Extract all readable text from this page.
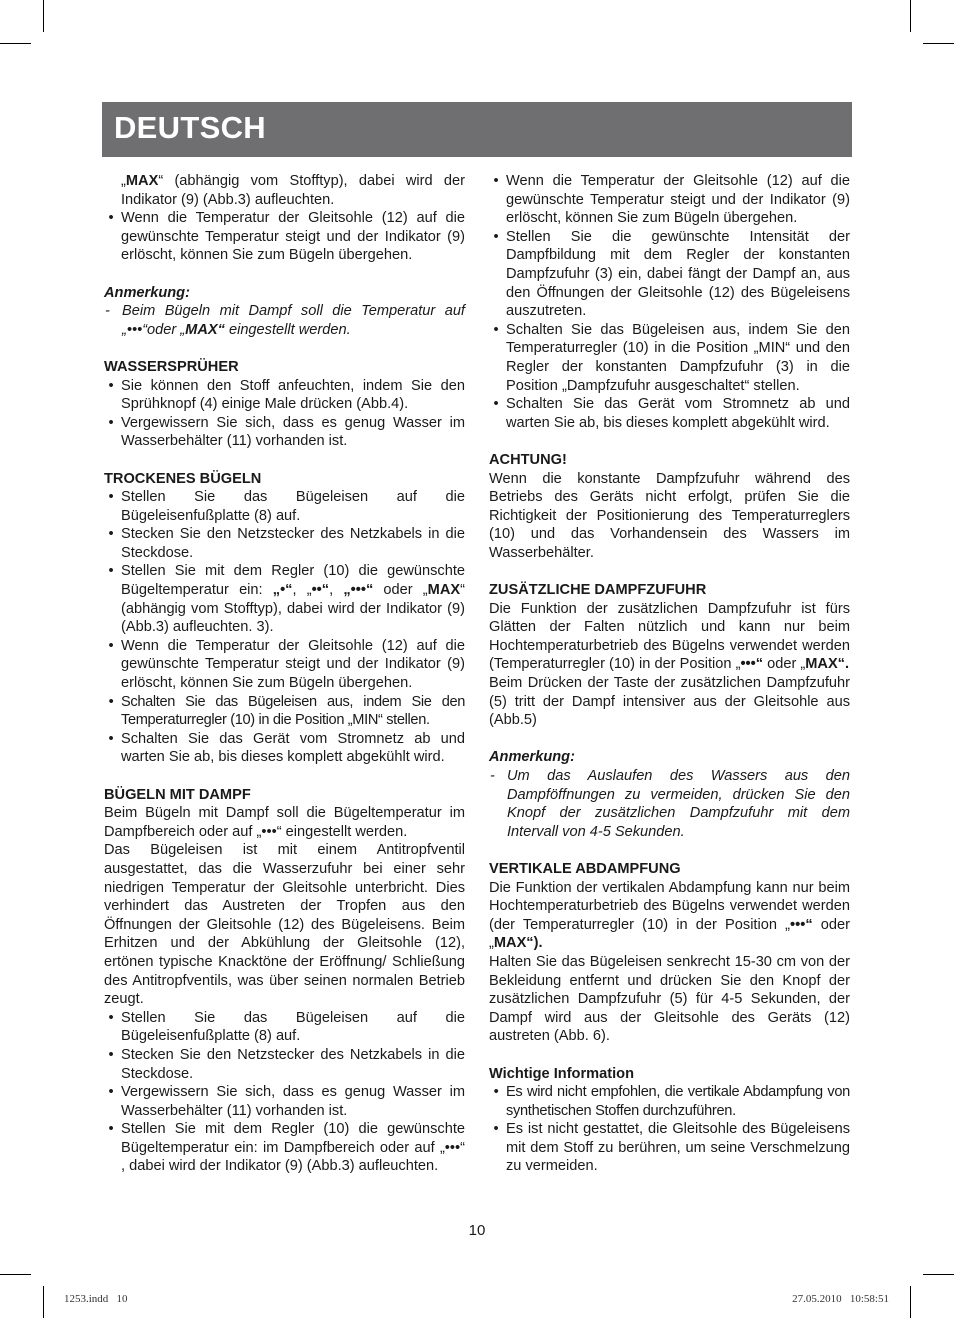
DEUTSCH

„MAX“ (abhängig vom Stofftyp), dabei wird der Indikator (9) (Abb.3) aufleuchten.

• Wenn die Temperatur der Gleitsohle (12) auf die gewünschte Temperatur steigt und der Indikator (9) erlöscht, können Sie zum Bügeln übergehen.

Anmerkung:

- Beim Bügeln mit Dampf soll die Temperatur auf „•••“oder „MAX“ eingestellt werden.

WASSERSPRÜHER

• Sie können den Stoff anfeuchten, indem Sie den Sprühknopf (4) einige Male drücken (Abb.4).

• Vergewissern Sie sich, dass es genug Wasser im Wasserbehälter (11) vorhanden ist.

TROCKENES BÜGELN

• Stellen Sie das Bügeleisen auf die Bügeleisenfußplatte (8) auf.

• Stecken Sie den Netzstecker des Netzkabels in die Steckdose.

• Stellen Sie mit dem Regler (10) die gewünschte Bügeltemperatur ein: „•“, „••“, „•••“ oder „MAX“ (abhängig vom Stofftyp), dabei wird der Indikator (9) (Abb.3) aufleuchten. 3).

• Wenn die Temperatur der Gleitsohle (12) auf die gewünschte Temperatur steigt und der Indikator (9) erlöscht, können Sie zum Bügeln übergehen.

• Schalten Sie das Bügeleisen aus, indem Sie den Temperaturregler (10) in die Position „MIN“ stellen.

• Schalten Sie das Gerät vom Stromnetz ab und warten Sie ab, bis dieses komplett abgekühlt wird.

BÜGELN MIT DAMPF

Beim Bügeln mit Dampf soll die Bügeltemperatur im Dampfbereich oder auf „•••“ eingestellt werden.

Das Bügeleisen ist mit einem Antitropfventil ausgestattet, das die Wasserzufuhr bei einer sehr niedrigen Temperatur der Gleitsohle unterbricht. Dies verhindert das Austreten der Tropfen aus den Öffnungen der Gleitsohle (12) des Bügeleisens. Beim Erhitzen und der Abkühlung der Gleitsohle (12), ertönen typische Knacktöne der Eröffnung/ Schließung des Antitropfventils, was über seinen normalen Betrieb zeugt.

• Stellen Sie das Bügeleisen auf die Bügeleisenfußplatte (8) auf.

• Stecken Sie den Netzstecker des Netzkabels in die Steckdose.

• Vergewissern Sie sich, dass es genug Wasser im Wasserbehälter (11) vorhanden ist.

• Stellen Sie mit dem Regler (10) die gewünschte Bügeltemperatur ein: im Dampfbereich oder auf „•••“ , dabei wird der Indikator (9) (Abb.3) aufleuchten.

• Wenn die Temperatur der Gleitsohle (12) auf die gewünschte Temperatur steigt und der Indikator (9) erlöscht, können Sie zum Bügeln übergehen.

• Stellen Sie die gewünschte Intensität der Dampfbildung mit dem Regler der konstanten Dampfzufuhr (3) ein, dabei fängt der Dampf an, aus den Öffnungen der Gleitsohle (12) des Bügeleisens auszutreten.

• Schalten Sie das Bügeleisen aus, indem Sie den Temperaturregler (10) in die Position „MIN“ und den Regler der konstanten Dampfzufuhr (3) in die Position „Dampfzufuhr ausgeschaltet“ stellen.

• Schalten Sie das Gerät vom Stromnetz ab und warten Sie ab, bis dieses komplett abgekühlt wird.

ACHTUNG!

Wenn die konstante Dampfzufuhr während des Betriebs des Geräts nicht erfolgt, prüfen Sie die Richtigkeit der Positionierung des Temperaturreglers (10) und das Vorhandensein des Wassers im Wasserbehälter.

ZUSÄTZLICHE DAMPFZUFUHR

Die Funktion der zusätzlichen Dampfzufuhr ist fürs Glätten der Falten nützlich und kann nur beim Hochtemperaturbetrieb des Bügelns verwendet werden (Temperaturregler (10) in der Position „•••“ oder „MAX“.

Beim Drücken der Taste der zusätzlichen Dampfzufuhr (5) tritt der Dampf intensiver aus der Gleitsohle aus (Abb.5)

Anmerkung:

- Um das Auslaufen des Wassers aus den Dampföffnungen zu vermeiden, drücken Sie den Knopf der zusätzlichen Dampfzufuhr mit dem Intervall von 4-5 Sekunden.

VERTIKALE ABDAMPFUNG

Die Funktion der vertikalen Abdampfung kann nur beim Hochtemperaturbetrieb des Bügelns verwendet werden (der Temperaturregler (10) in der Position „•••“ oder „MAX“).

Halten Sie das Bügeleisen senkrecht 15-30 cm von der Bekleidung entfernt und drücken Sie den Knopf der zusätzlichen Dampfzufuhr (5) für 4-5 Sekunden, der Dampf wird aus der Gleitsohle des Geräts (12) austreten (Abb. 6).

Wichtige Information

• Es wird nicht empfohlen, die vertikale Abdampfung von synthetischen Stoffen durchzuführen.

• Es ist nicht gestattet, die Gleitsohle des Bügeleisens mit dem Stoff zu berühren, um seine Verschmelzung zu vermeiden.

10
1253.indd   10	27.05.2010   10:58:51
